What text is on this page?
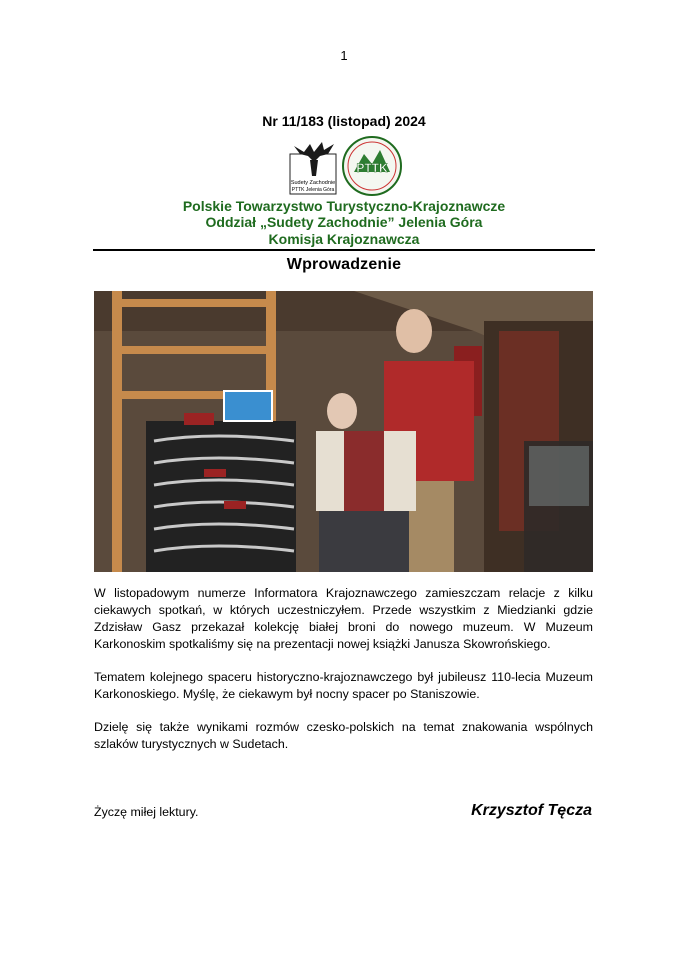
1
Nr 11/183 (listopad) 2024
Sudety Zachodnie
PTTK Jelenia Góra
PTTK
Polskie Towarzystwo Turystyczno-Krajoznawcze
Oddział „Sudety Zachodnie” Jelenia Góra
Komisja Krajoznawcza
Wprowadzenie

W listopadowym numerze Informatora Krajoznawczego zamieszczam relacje z kilku ciekawych spotkań, w których uczestniczyłem. Przede wszystkim z Miedzianki gdzie Zdzisław Gasz przekazał kolekcję białej broni do nowego muzeum. W Muzeum Karkonoskim spotkaliśmy się na prezentacji nowej książki Janusza Skowrońskiego.

Tematem kolejnego spaceru historyczno-krajoznawczego był jubileusz 110-lecia Muzeum Karkonoskiego. Myślę, że ciekawym był nocny spacer po Staniszowie.

Dzielę się także wynikami rozmów czesko-polskich na temat znakowania wspólnych szlaków turystycznych w Sudetach.

Życzę miłej lektury.	Krzysztof Tęcza
